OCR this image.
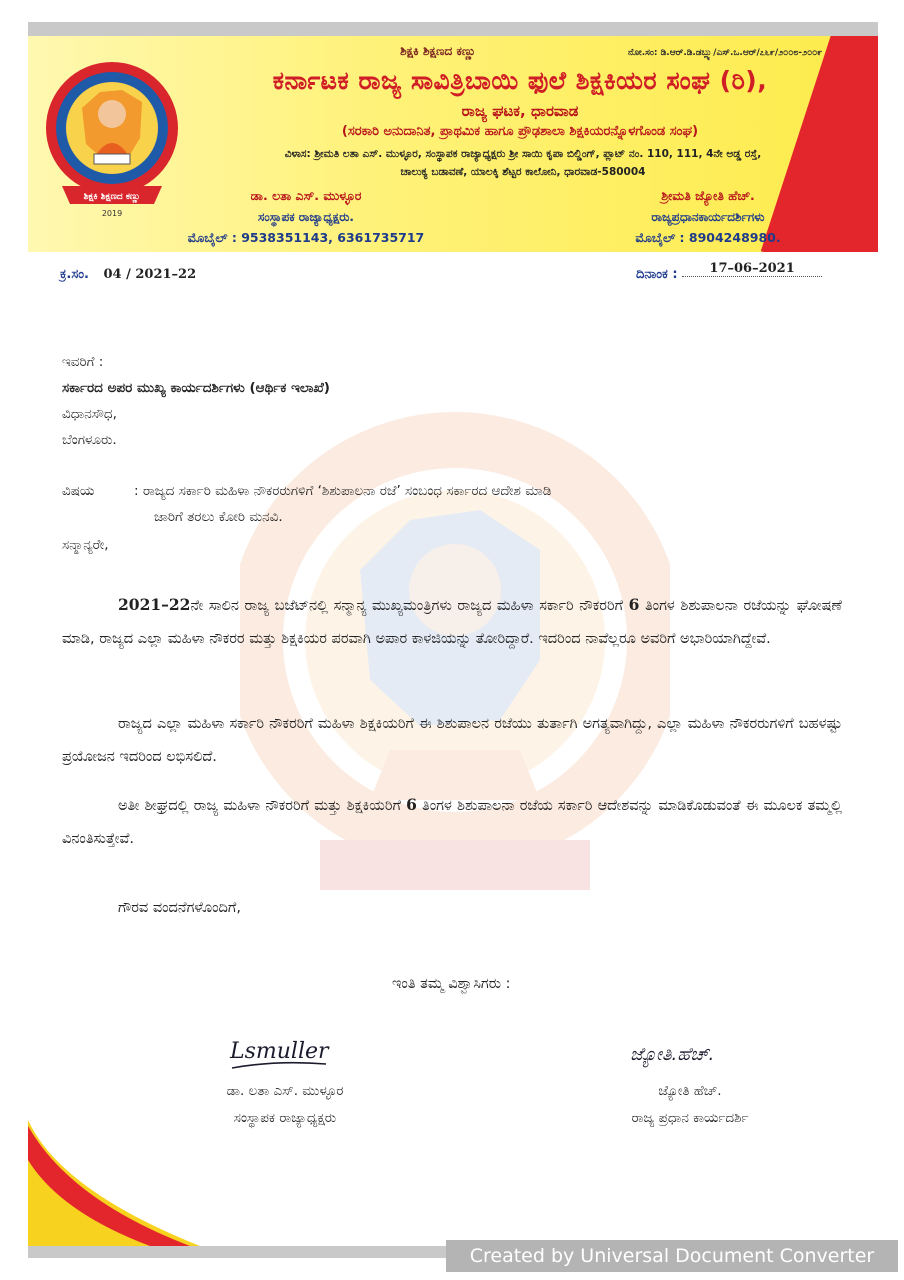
ಶಿಕ್ಷಕಿ ಶಿಕ್ಷಣದ ಕಣ್ಣು
2019
ಶಿಕ್ಷಕಿ ಶಿಕ್ಷಣದ ಕಣ್ಣು	ನೋ.ಸಂ: ಡಿ.ಆರ್.ಡಿ.ಡಬ್ಲ್ಯು/ಎಸ್.ಒ.ಆರ್/೭೬೯/೨೦೦೮-೨೦೦೯
ಕರ್ನಾಟಕ ರಾಜ್ಯ ಸಾವಿತ್ರಿಬಾಯಿ ಫುಲೆ ಶಿಕ್ಷಕಿಯರ ಸಂಘ (ರಿ),
ರಾಜ್ಯ ಘಟಕ, ಧಾರವಾಡ
(ಸರಕಾರಿ ಅನುದಾನಿತ, ಪ್ರಾಥಮಿಕ ಹಾಗೂ ಪ್ರೌಢಶಾಲಾ ಶಿಕ್ಷಕಿಯರನ್ನೊಳಗೊಂಡ ಸಂಘ)
ವಿಳಾಸ: ಶ್ರೀಮತಿ ಲತಾ ಎಸ್. ಮುಳ್ಳೂರ, ಸಂಸ್ಥಾಪಕ ರಾಜ್ಯಾಧ್ಯಕ್ಷರು ಶ್ರೀ ಸಾಯಿ ಕೃಪಾ ಬಿಲ್ಡಿಂಗ್, ಪ್ಲಾಟ್ ನಂ. 110, 111, 4ನೇ ಅಡ್ಡ ರಸ್ತೆ,
ಚಾಲುಕ್ಯ ಬಡಾವಣೆ, ಯಾಲಕ್ಕಿ ಶೆಟ್ಟರ ಕಾಲೋನಿ, ಧಾರವಾಡ-580004
ಡಾ. ಲತಾ ಎಸ್. ಮುಳ್ಳೂರ
ಸಂಸ್ಥಾಪಕ ರಾಜ್ಯಾಧ್ಯಕ್ಷರು.
ಮೊಬೈಲ್ : 9538351143, 6361735717
ಶ್ರೀಮತಿ ಜ್ಯೋತಿ ಹೆಚ್.
ರಾಜ್ಯಪ್ರಧಾನಕಾರ್ಯದರ್ಶಿಗಳು
ಮೊಬೈಲ್ : 8904248980.
ಕ್ರ.ಸಂ. 04 / 2021–22	ದಿನಾಂಕ : 17–06–2021
ಇವರಿಗೆ :
ಸರ್ಕಾರದ ಅಪರ ಮುಖ್ಯ ಕಾರ್ಯದರ್ಶಿಗಳು (ಆರ್ಥಿಕ ಇಲಾಖೆ)
ವಿಧಾನಸೌಧ,
ಬೆಂಗಳೂರು.
ವಿಷಯ	: ರಾಜ್ಯದ ಸರ್ಕಾರಿ ಮಹಿಳಾ ನೌಕರರುಗಳಿಗೆ ‘ಶಿಶುಪಾಲನಾ ರಜೆ’ ಸಂಬಂಧ ಸರ್ಕಾರದ ಆದೇಶ ಮಾಡಿ
ಜಾರಿಗೆ ತರಲು ಕೋರಿ ಮನವಿ.
ಸನ್ಮಾನ್ಯರೇ,
2021–22ನೇ ಸಾಲಿನ ರಾಜ್ಯ ಬಜೆಟ್‌ನಲ್ಲಿ ಸನ್ಮಾನ್ಯ ಮುಖ್ಯಮಂತ್ರಿಗಳು ರಾಜ್ಯದ ಮಹಿಳಾ ಸರ್ಕಾರಿ ನೌಕರರಿಗೆ 6 ತಿಂಗಳ ಶಿಶುಪಾಲನಾ ರಜೆಯನ್ನು ಘೋಷಣೆ ಮಾಡಿ, ರಾಜ್ಯದ ಎಲ್ಲಾ ಮಹಿಳಾ ನೌಕರರ ಮತ್ತು ಶಿಕ್ಷಕಿಯರ ಪರವಾಗಿ ಅಪಾರ ಕಾಳಜಿಯನ್ನು ತೋರಿದ್ದಾರೆ. ಇದರಿಂದ ನಾವೆಲ್ಲರೂ ಅವರಿಗೆ ಅಭಾರಿಯಾಗಿದ್ದೇವೆ.
ರಾಜ್ಯದ ಎಲ್ಲಾ ಮಹಿಳಾ ಸರ್ಕಾರಿ ನೌಕರರಿಗೆ ಮಹಿಳಾ ಶಿಕ್ಷಕಿಯರಿಗೆ ಈ ಶಿಶುಪಾಲನ ರಜೆಯು ತುರ್ತಾಗಿ ಅಗತ್ಯವಾಗಿದ್ದು, ಎಲ್ಲಾ ಮಹಿಳಾ ನೌಕರರುಗಳಿಗೆ ಬಹಳಷ್ಟು ಪ್ರಯೋಜನ ಇದರಿಂದ ಲಭಿಸಲಿದೆ.
ಅತೀ ಶೀಘ್ರದಲ್ಲಿ ರಾಜ್ಯ ಮಹಿಳಾ ನೌಕರರಿಗೆ ಮತ್ತು ಶಿಕ್ಷಕಿಯರಿಗೆ 6 ತಿಂಗಳ ಶಿಶುಪಾಲನಾ ರಜೆಯ ಸರ್ಕಾರಿ ಆದೇಶವನ್ನು ಮಾಡಿಕೊಡುವಂತೆ ಈ ಮೂಲಕ ತಮ್ಮಲ್ಲಿ ವಿನಂತಿಸುತ್ತೇವೆ.
ಗೌರವ ವಂದನೆಗಳೊಂದಿಗೆ,
ಇಂತಿ ತಮ್ಮ ವಿಶ್ವಾಸಿಗರು :
Lsmuller	ಜ್ಯೋತಿ.ಹೆಚ್.
ಡಾ. ಲತಾ ಎಸ್. ಮುಳ್ಳೂರ
ಸಂಸ್ಥಾಪಕ ರಾಜ್ಯಾಧ್ಯಕ್ಷರು
ಜ್ಯೋತಿ ಹೆಚ್.
ರಾಜ್ಯ ಪ್ರಧಾನ ಕಾರ್ಯದರ್ಶಿ
Created by Universal Document Converter
